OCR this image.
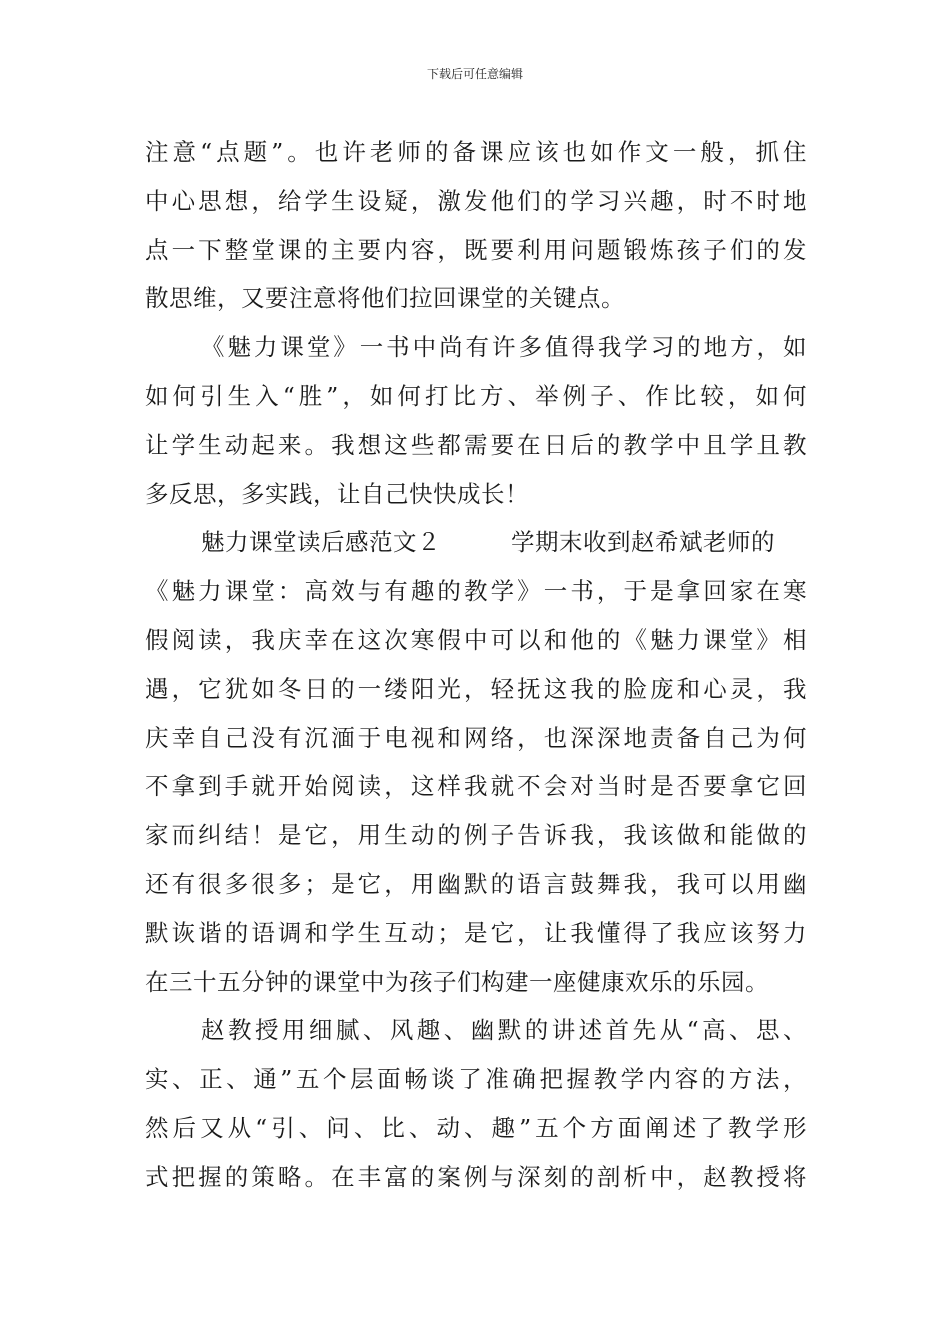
下载后可任意编辑
注意“点题”。也许老师的备课应该也如作文一般，抓住
中心思想，给学生设疑，激发他们的学习兴趣，时不时地
点一下整堂课的主要内容，既要利用问题锻炼孩子们的发
散思维，又要注意将他们拉回课堂的关键点。
《魅力课堂》一书中尚有许多值得我学习的地方，如
如何引生入“胜”，如何打比方、举例子、作比较，如何
让学生动起来。我想这些都需要在日后的教学中且学且教
多反思，多实践，让自己快快成长！
魅力课堂读后感范文２	学期末收到赵希斌老师的
《魅力课堂：高效与有趣的教学》一书，于是拿回家在寒
假阅读，我庆幸在这次寒假中可以和他的《魅力课堂》相
遇，它犹如冬日的一缕阳光，轻抚这我的脸庞和心灵，我
庆幸自己没有沉湎于电视和网络，也深深地责备自己为何
不拿到手就开始阅读，这样我就不会对当时是否要拿它回
家而纠结！是它，用生动的例子告诉我，我该做和能做的
还有很多很多；是它，用幽默的语言鼓舞我，我可以用幽
默诙谐的语调和学生互动；是它，让我懂得了我应该努力
在三十五分钟的课堂中为孩子们构建一座健康欢乐的乐园。
赵教授用细腻、风趣、幽默的讲述首先从“高、思、
实、正、通”五个层面畅谈了准确把握教学内容的方法，
然后又从“引、问、比、动、趣”五个方面阐述了教学形
式把握的策略。在丰富的案例与深刻的剖析中，赵教授将
